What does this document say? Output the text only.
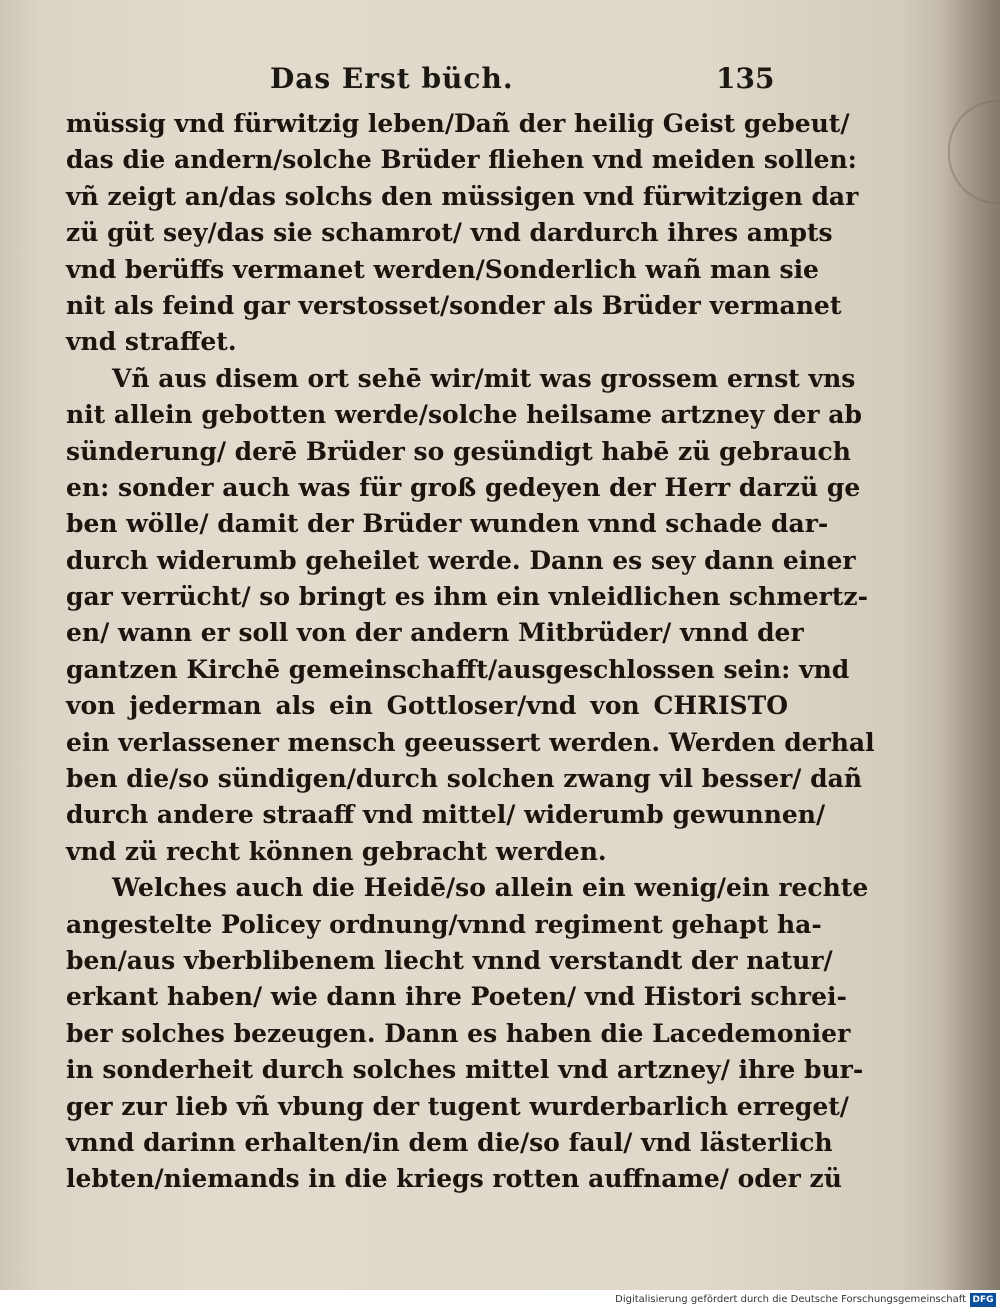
Das Erst büch.	135
müssig vnd fürwitzig leben/Dañ der heilig Geist gebeut/
das die andern/solche Brüder fliehen vnd meiden sollen:
vñ zeigt an/das solchs den müssigen vnd fürwitzigen dar
zü güt sey/das sie schamrot/ vnd dardurch ihres ampts
vnd berüffs vermanet werden/Sonderlich wañ man sie
nit als feind gar verstosset/sonder als Brüder vermanet
vnd straffet.
Vñ aus disem ort sehē wir/mit was grossem ernst vns
nit allein gebotten werde/solche heilsame artzney der ab
sünderung/ derē Brüder so gesündigt habē zü gebrauch
en: sonder auch was für groß gedeyen der Herr darzü ge
ben wölle/ damit der Brüder wunden vnnd schade dar-
durch widerumb geheilet werde. Dann es sey dann einer
gar verrücht/ so bringt es ihm ein vnleidlichen schmertz-
en/ wann er soll von der andern Mitbrüder/ vnnd der
gantzen Kirchē gemeinschafft/ausgeschlossen sein: vnd
von jederman als ein Gottloser/vnd von CHRISTO
ein verlassener mensch geeussert werden. Werden derhal
ben die/so sündigen/durch solchen zwang vil besser/ dañ
durch andere straaff vnd mittel/ widerumb gewunnen/
vnd zü recht können gebracht werden.
Welches auch die Heidē/so allein ein wenig/ein rechte
angestelte Policey ordnung/vnnd regiment gehapt ha-
ben/aus vberblibenem liecht vnnd verstandt der natur/
erkant haben/ wie dann ihre Poeten/ vnd Histori schrei-
ber solches bezeugen. Dann es haben die Lacedemonier
in sonderheit durch solches mittel vnd artzney/ ihre bur-
ger zur lieb vñ vbung der tugent wurderbarlich erreget/
vnnd darinn erhalten/in dem die/so faul/ vnd lästerlich
lebten/niemands in die kriegs rotten auffname/ oder zü
Digitalisierung gefördert durch die Deutsche Forschungsgemeinschaft DFG
